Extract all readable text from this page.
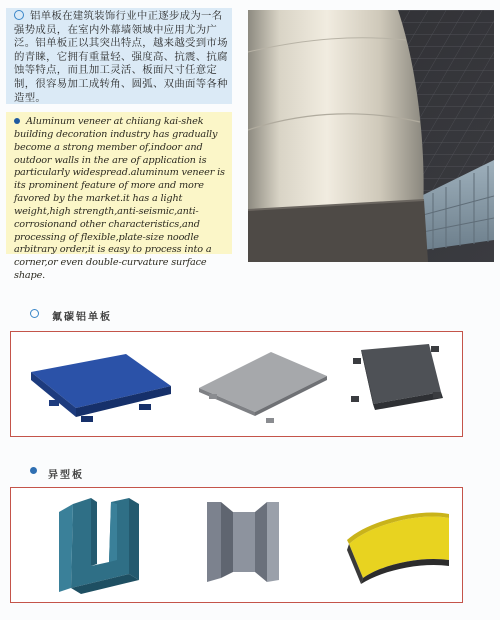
铝单板在建筑装饰行业中正逐步成为一名强势成员，在室内外幕墙领域中应用尤为广泛。铝单板正以其突出特点，越来越受到市场的青睐，它拥有重量轻、强度高、抗震、抗腐蚀等特点，而且加工灵活、板面尺寸任意定制，很容易加工成转角、圆弧、双曲面等各种造型。
Aluminum veneer at chiiang kai-shek building decoration industry has gradually become a strong member of,indoor and outdoor walls in the are of application is particularly widespread.aluminum veneer is its prominent feature of more and more favored by the market.it has a light weight,high strength,anti-seismic,anti-corrosionand other characteristics,and processing of flexible,plate-size noodle arbitrary order,it is easy to process into a corner,or even double-curvature surface shape.
氟碳铝单板
异型板
